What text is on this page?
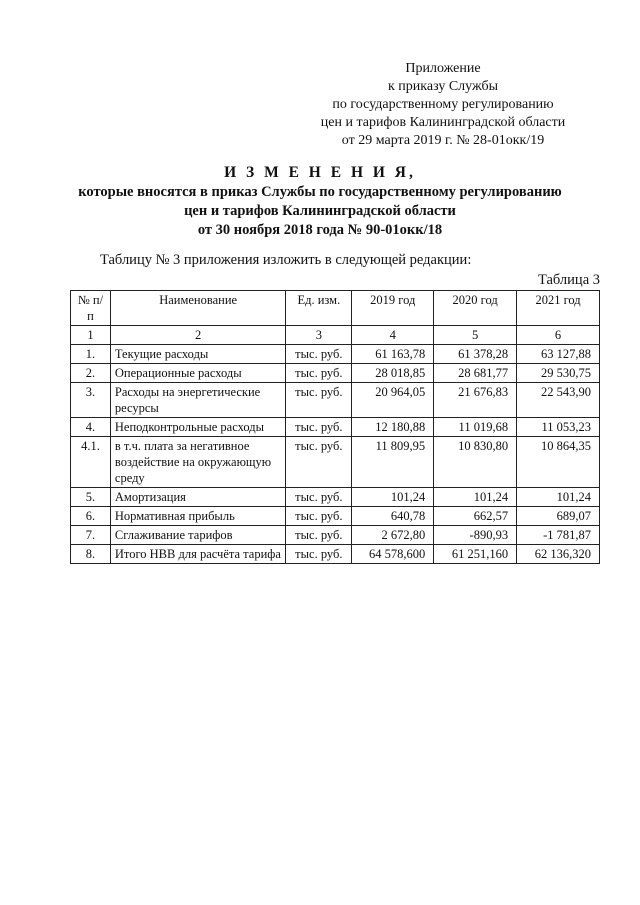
Приложение
к приказу Службы
по государственному регулированию
цен и тарифов Калининградской области
от 29 марта 2019 г. № 28-01окк/19
И З М Е Н Е Н И Я,
которые вносятся в приказ Службы по государственному регулированию
цен и тарифов Калининградской области
от 30 ноября 2018 года № 90-01окк/18
Таблицу № 3 приложения изложить в следующей редакции:
Таблица 3
№ п/п	Наименование	Ед. изм.	2019 год	2020 год	2021 год
1	2	3	4	5	6
1.	Текущие расходы	тыс. руб.	61 163,78	61 378,28	63 127,88
2.	Операционные расходы	тыс. руб.	28 018,85	28 681,77	29 530,75
3.	Расходы на энергетические ресурсы	тыс. руб.	20 964,05	21 676,83	22 543,90
4.	Неподконтрольные расходы	тыс. руб.	12 180,88	11 019,68	11 053,23
4.1.	в т.ч. плата за негативное воздействие на окружающую среду	тыс. руб.	11 809,95	10 830,80	10 864,35
5.	Амортизация	тыс. руб.	101,24	101,24	101,24
6.	Нормативная прибыль	тыс. руб.	640,78	662,57	689,07
7.	Сглаживание тарифов	тыс. руб.	2 672,80	-890,93	-1 781,87
8.	Итого НВВ для расчёта тарифа	тыс. руб.	64 578,600	61 251,160	62 136,320
